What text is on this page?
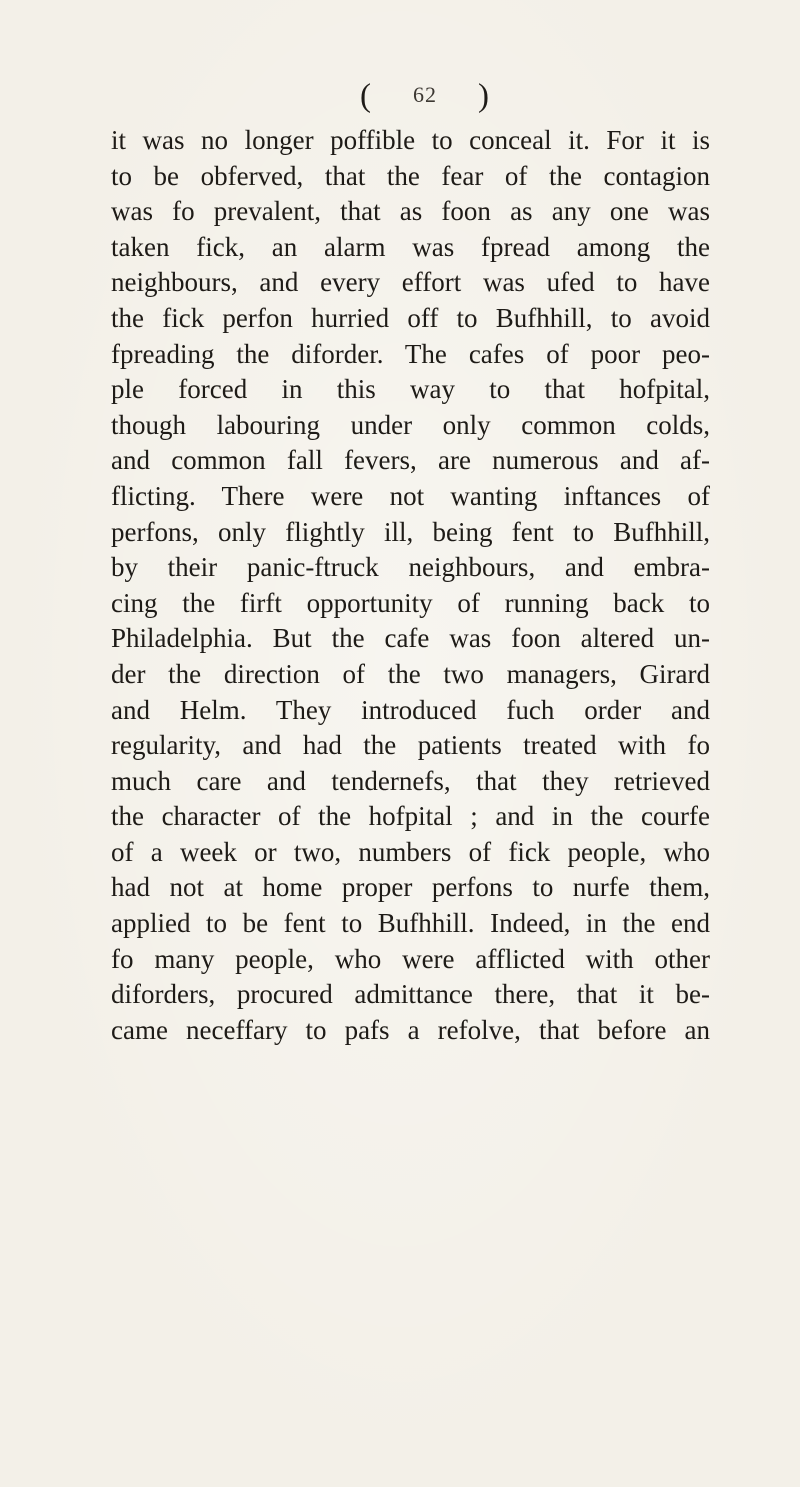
( 62 )
it was no longer poffible to conceal it. For it is
to be obferved, that the fear of the contagion
was fo prevalent, that as foon as any one was
taken fick, an alarm was fpread among the
neighbours, and every effort was ufed to have
the fick perfon hurried off to Bufhhill, to avoid
fpreading the diforder. The cafes of poor peo-
ple forced in this way to that hofpital,
though labouring under only common colds,
and common fall fevers, are numerous and af-
flicting. There were not wanting inftances of
perfons, only flightly ill, being fent to Bufhhill,
by their panic-ftruck neighbours, and embra-
cing the firft opportunity of running back to
Philadelphia. But the cafe was foon altered un-
der the direction of the two managers, Girard
and Helm. They introduced fuch order and
regularity, and had the patients treated with fo
much care and tendernefs, that they retrieved
the character of the hofpital ; and in the courfe
of a week or two, numbers of fick people, who
had not at home proper perfons to nurfe them,
applied to be fent to Bufhhill. Indeed, in the end
fo many people, who were afflicted with other
diforders, procured admittance there, that it be-
came neceffary to pafs a refolve, that before an
